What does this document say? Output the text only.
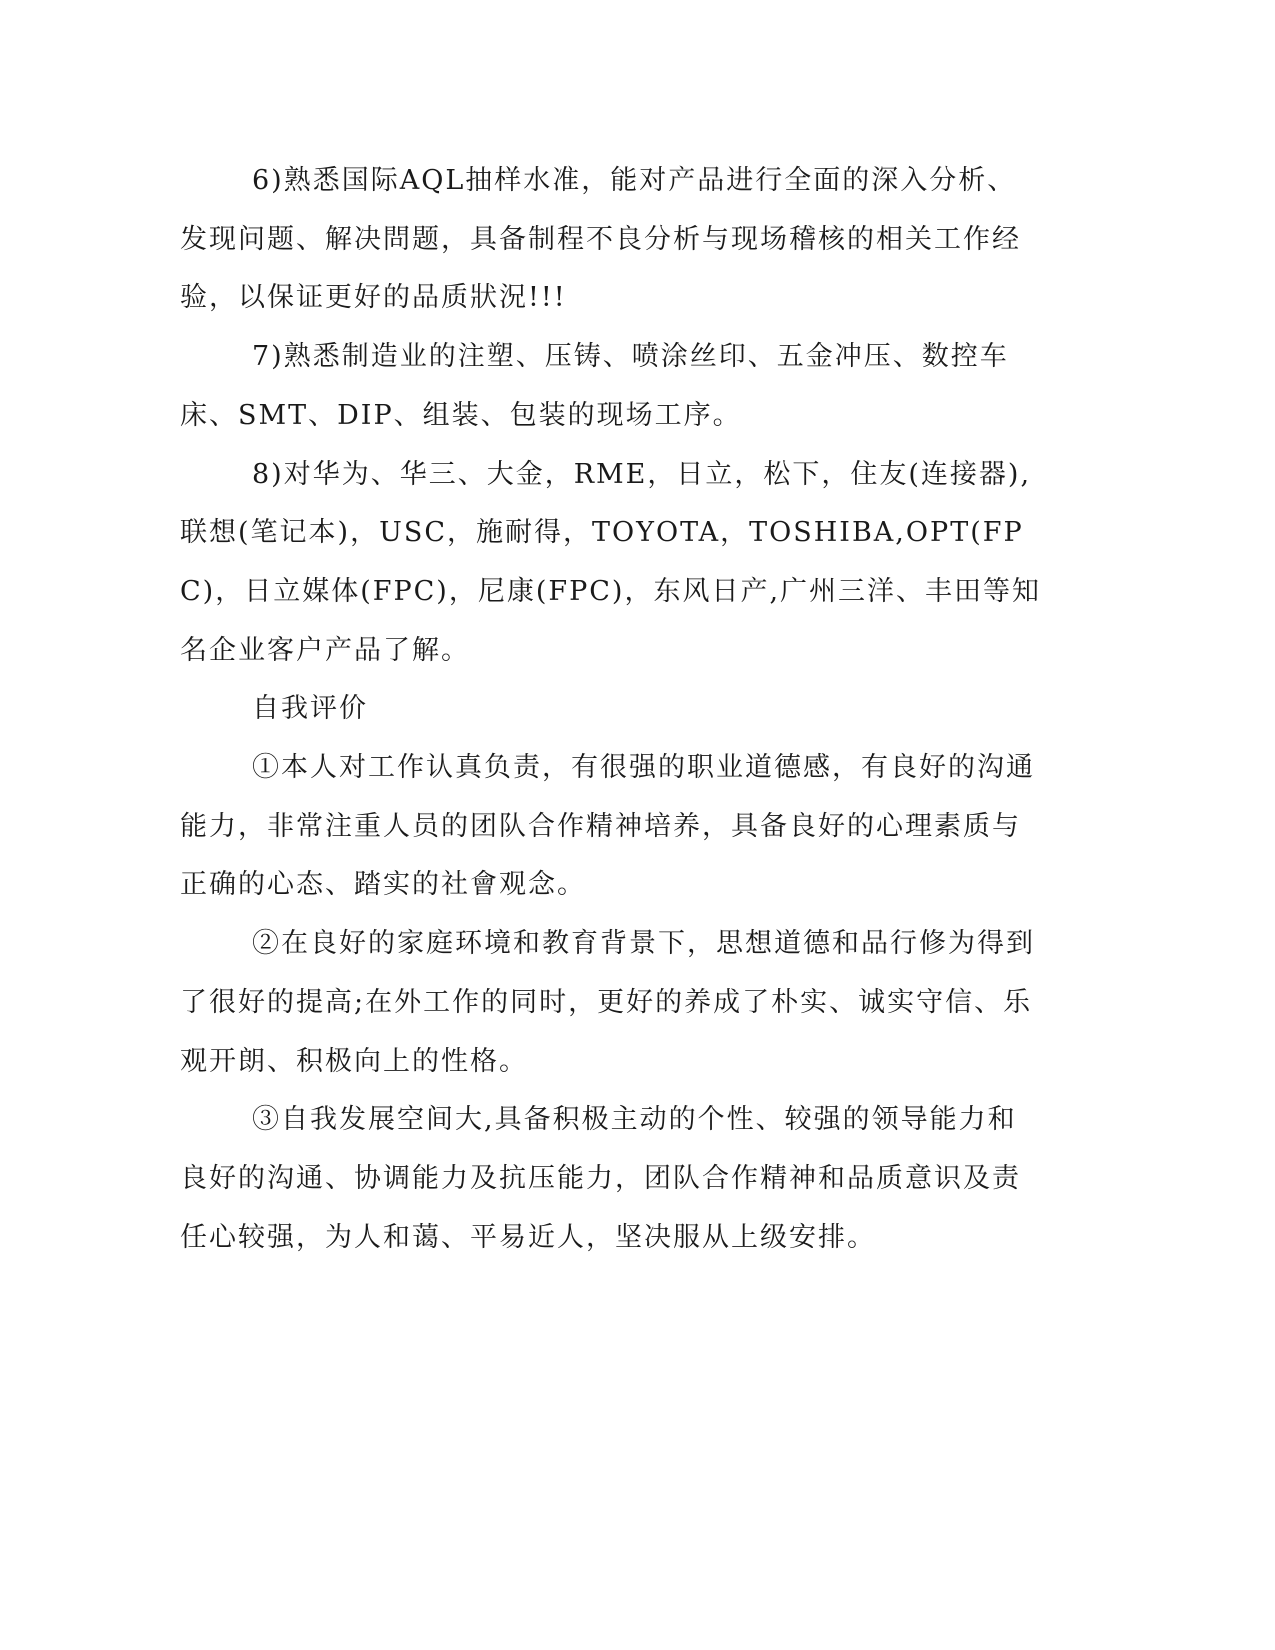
6)熟悉国际AQL抽样水准，能对产品进行全面的深入分析、发现问题、解决問题，具备制程不良分析与现场稽核的相关工作经验，以保证更好的品质狀況!!!

7)熟悉制造业的注塑、压铸、喷涂丝印、五金冲压、数控车床、SMT、DIP、组装、包装的现场工序。

8)对华为、华三、大金，RME，日立，松下，住友(连接器),联想(笔记本)，USC，施耐得，TOYOTA，TOSHIBA,OPT(FPC)，日立媒体(FPC)，尼康(FPC)，东风日产,广州三洋、丰田等知名企业客户产品了解。

自我评价

①本人对工作认真负责，有很强的职业道德感，有良好的沟通能力，非常注重人员的团队合作精神培养，具备良好的心理素质与正确的心态、踏实的社會观念。

②在良好的家庭环境和教育背景下，思想道德和品行修为得到了很好的提高;在外工作的同时，更好的养成了朴实、诚实守信、乐观开朗、积极向上的性格。

③自我发展空间大,具备积极主动的个性、较强的领导能力和良好的沟通、协调能力及抗压能力，团队合作精神和品质意识及责任心较强，为人和蔼、平易近人，坚决服从上级安排。
